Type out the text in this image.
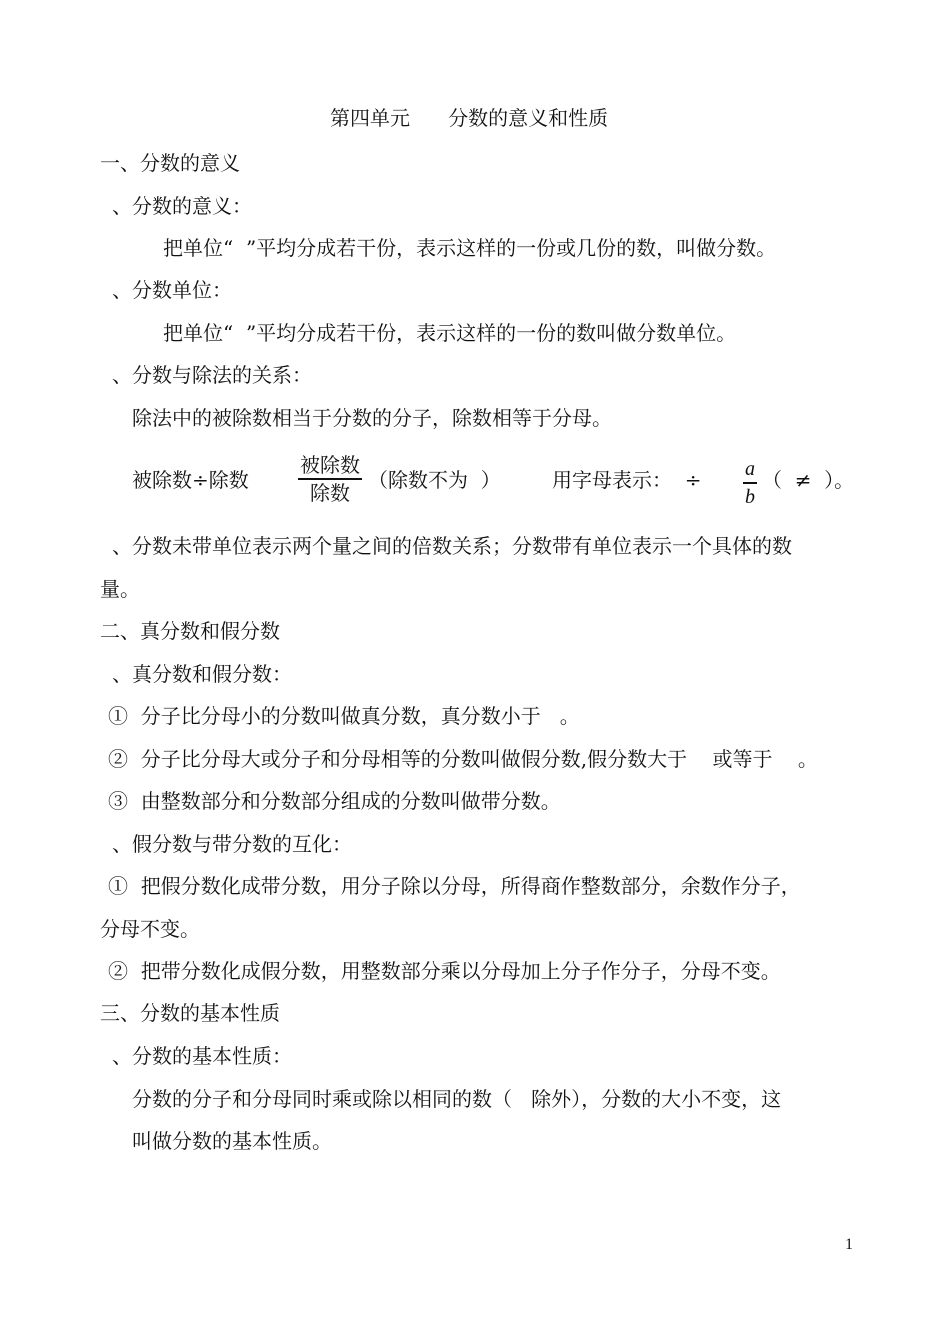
第四单元      分数的意义和性质
一、分数的意义
、分数的意义：
把单位“  ”平均分成若干份，表示这样的一份或几份的数，叫做分数。
、分数单位：
把单位“  ”平均分成若干份，表示这样的一份的数叫做分数单位。
、分数与除法的关系：
除法中的被除数相当于分数的分子，除数相等于分母。
被除数÷除数
被除数
除数
（除数不为  ）	用字母表示：  ÷ a
b
（  ≠  ）。
、分数未带单位表示两个量之间的倍数关系；分数带有单位表示一个具体的数
量。
二、真分数和假分数
、真分数和假分数：
①  分子比分母小的分数叫做真分数，真分数小于   。
②  分子比分母大或分子和分母相等的分数叫做假分数,假分数大于    或等于    。
③  由整数部分和分数部分组成的分数叫做带分数。
、假分数与带分数的互化：
①  把假分数化成带分数，用分子除以分母，所得商作整数部分，余数作分子，
分母不变。
②  把带分数化成假分数，用整数部分乘以分母加上分子作分子，分母不变。
三、分数的基本性质
、分数的基本性质：
分数的分子和分母同时乘或除以相同的数（   除外），分数的大小不变，这
叫做分数的基本性质。
1
